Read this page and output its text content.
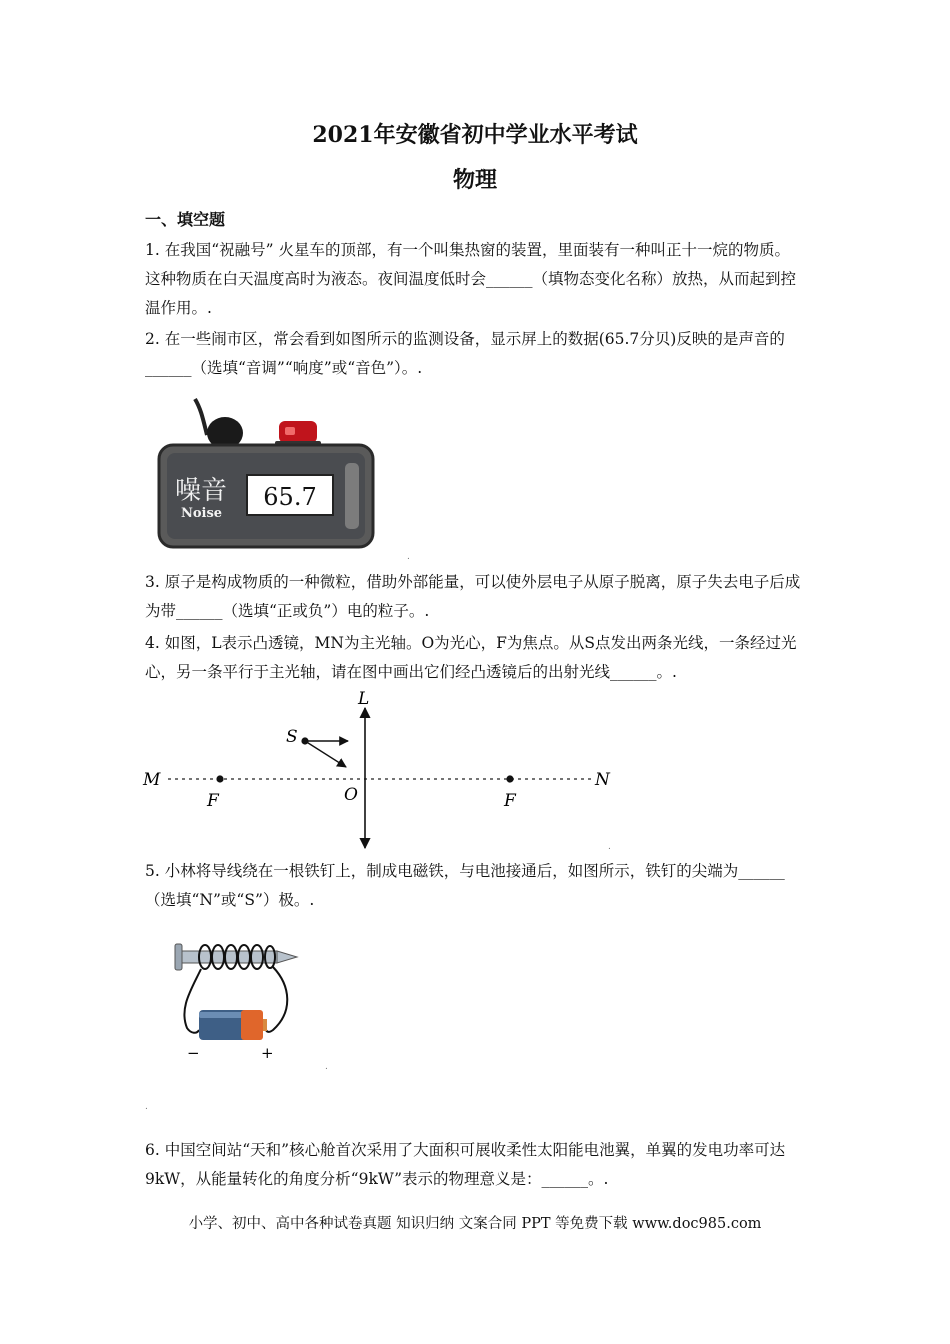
2021年安徽省初中学业水平考试
物理
一、填空题
1. 在我国“祝融号” 火星车的顶部，有一个叫集热窗的装置，里面装有一种叫正十一烷的物质。这种物质在白天温度高时为液态。夜间温度低时会______（填物态变化名称）放热，从而起到控温作用。.
2. 在一些闹市区，常会看到如图所示的监测设备，显示屏上的数据(65.7分贝)反映的是声音的______（选填“音调”“响度”或“音色”）。.
噪音
Noise
65.7
.
3. 原子是构成物质的一种微粒，借助外部能量，可以使外层电子从原子脱离，原子失去电子后成为带______（选填“正或负”）电的粒子。.
4. 如图，L表示凸透镜，MN为主光轴。O为光心，F为焦点。从S点发出两条光线，一条经过光心，另一条平行于主光轴，请在图中画出它们经凸透镜后的出射光线______。.
L
S
M	N
O
F	F
.
5. 小林将导线绕在一根铁钉上，制成电磁铁，与电池接通后，如图所示，铁钉的尖端为______（选填“N”或“S”）极。.
−	+
.
.
6. 中国空间站“天和”核心舱首次采用了大面积可展收柔性太阳能电池翼，单翼的发电功率可达9kW，从能量转化的角度分析“9kW”表示的物理意义是：______。.
小学、初中、高中各种试卷真题 知识归纳 文案合同 PPT 等免费下载 www.doc985.com
